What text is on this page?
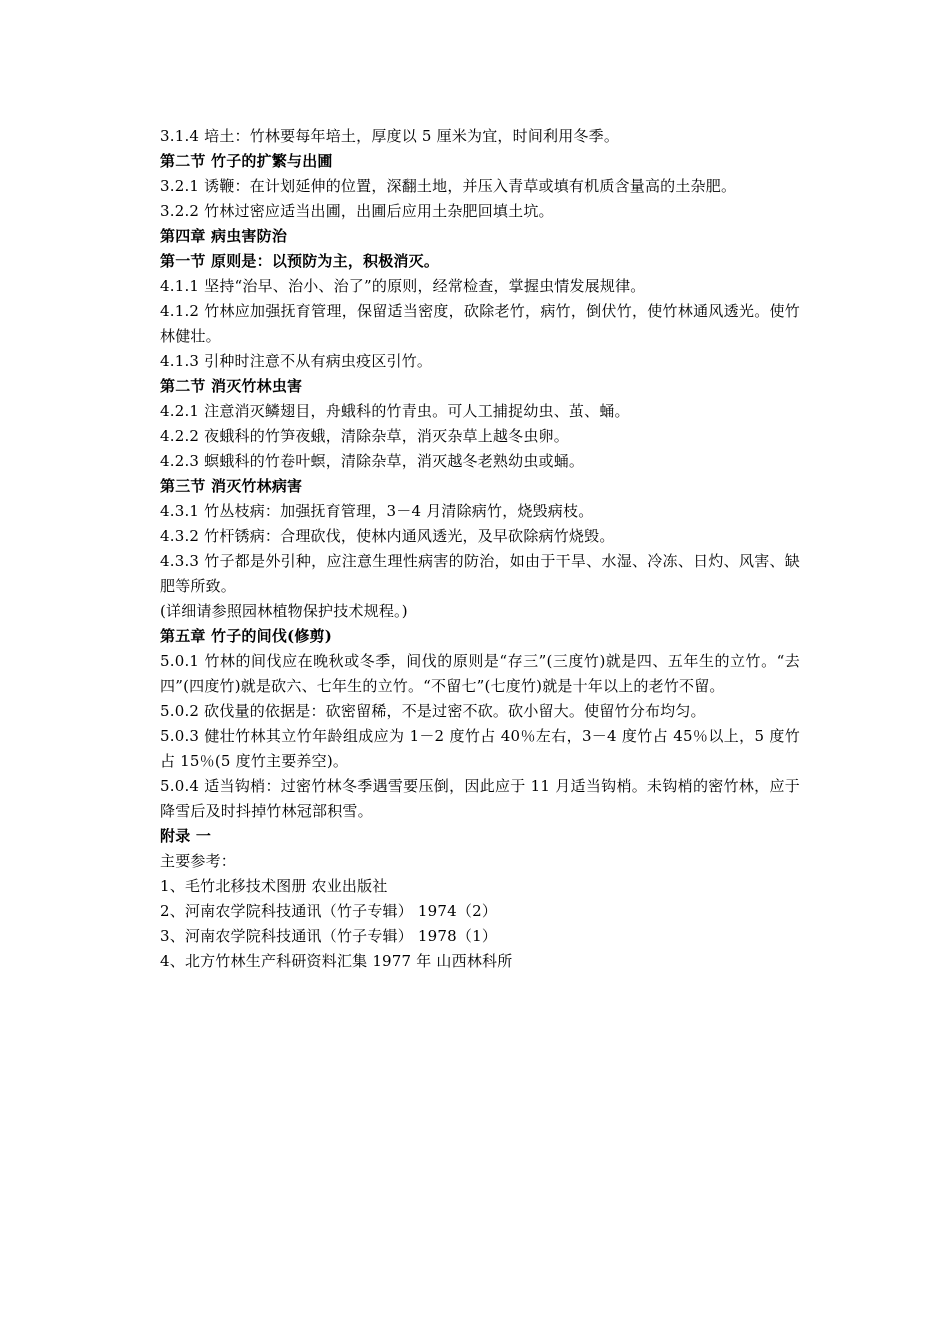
3.1.4 培土：竹林要每年培土，厚度以 5 厘米为宜，时间利用冬季。

第二节 竹子的扩繁与出圃

3.2.1 诱鞭：在计划延伸的位置，深翻土地，并压入青草或填有机质含量高的土杂肥。

3.2.2 竹林过密应适当出圃，出圃后应用土杂肥回填土坑。

第四章 病虫害防治

第一节 原则是：以预防为主，积极消灭。

4.1.1 坚持“治早、治小、治了”的原则，经常检查，掌握虫情发展规律。

4.1.2 竹林应加强抚育管理，保留适当密度，砍除老竹，病竹，倒伏竹，使竹林通风透光。使竹林健壮。

4.1.3 引种时注意不从有病虫疫区引竹。

第二节 消灭竹林虫害

4.2.1 注意消灭鳞翅目，舟蛾科的竹青虫。可人工捕捉幼虫、茧、蛹。

4.2.2 夜蛾科的竹笋夜蛾，清除杂草，消灭杂草上越冬虫卵。

4.2.3 螟蛾科的竹卷叶螟，清除杂草，消灭越冬老熟幼虫或蛹。

第三节 消灭竹林病害

4.3.1 竹丛枝病：加强抚育管理，3－4 月清除病竹，烧毁病枝。

4.3.2 竹杆锈病：合理砍伐，使林内通风透光，及早砍除病竹烧毁。

4.3.3 竹子都是外引种，应注意生理性病害的防治，如由于干旱、水湿、冷冻、日灼、风害、缺肥等所致。

(详细请参照园林植物保护技术规程。)

第五章 竹子的间伐(修剪)

5.0.1 竹林的间伐应在晚秋或冬季，间伐的原则是“存三”(三度竹)就是四、五年生的立竹。“去四”(四度竹)就是砍六、七年生的立竹。“不留七”(七度竹)就是十年以上的老竹不留。

5.0.2 砍伐量的依据是：砍密留稀，不是过密不砍。砍小留大。使留竹分布均匀。

5.0.3 健壮竹林其立竹年龄组成应为 1－2 度竹占 40％左右，3－4 度竹占 45％以上，5 度竹占 15％(5 度竹主要养空)。

5.0.4 适当钩梢：过密竹林冬季遇雪要压倒，因此应于 11 月适当钩梢。未钩梢的密竹林，应于降雪后及时抖掉竹林冠部积雪。

附录 一

主要参考：

1、毛竹北移技术图册 农业出版社

2、河南农学院科技通讯（竹子专辑） 1974（2）

3、河南农学院科技通讯（竹子专辑） 1978（1）

4、北方竹林生产科研资料汇集 1977 年 山西林科所
